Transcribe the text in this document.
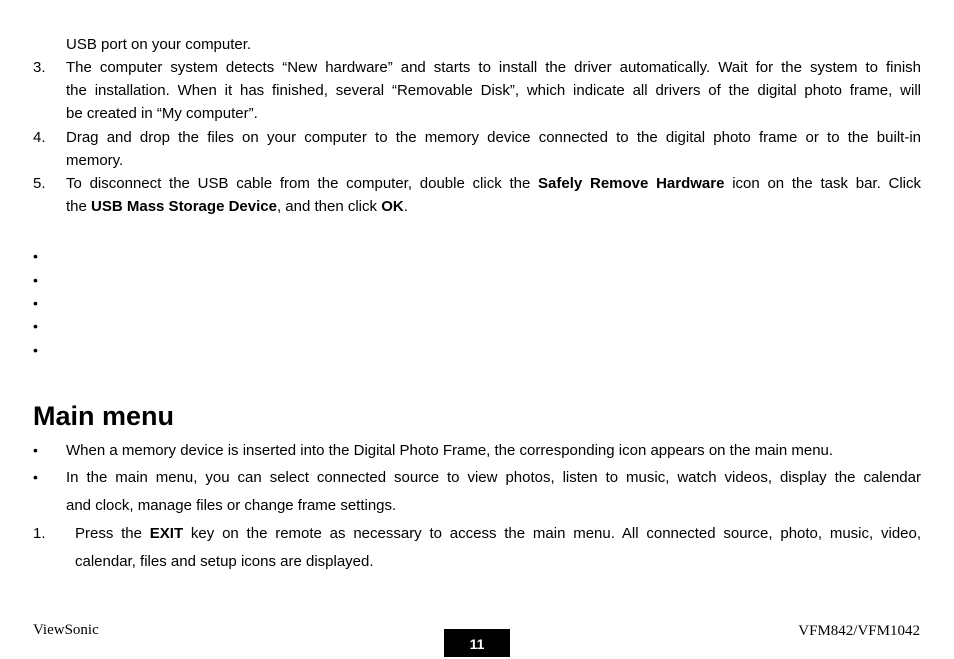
USB port on your computer.
3. The computer system detects “New hardware” and starts to install the driver automatically. Wait for the system to finish
the installation. When it has finished, several “Removable Disk”, which indicate all drivers of the digital photo frame, will
be created in “My computer”.
4. Drag and drop the files on your computer to the memory device connected to the digital photo frame or to the built-in
memory.
5. To disconnect the USB cable from the computer, double click the Safely Remove Hardware icon on the task bar. Click
the USB Mass Storage Device, and then click OK.
•
•
•
•
•
Main menu
• When a memory device is inserted into the Digital Photo Frame, the corresponding icon appears on the main menu.
• In the main menu, you can select connected source to view photos, listen to music, watch videos, display the calendar
and clock, manage files or change frame settings.
1. Press the EXIT key on the remote as necessary to access the main menu. All connected source, photo, music, video,
calendar, files and setup icons are displayed.
ViewSonic
11
VFM842/VFM1042
